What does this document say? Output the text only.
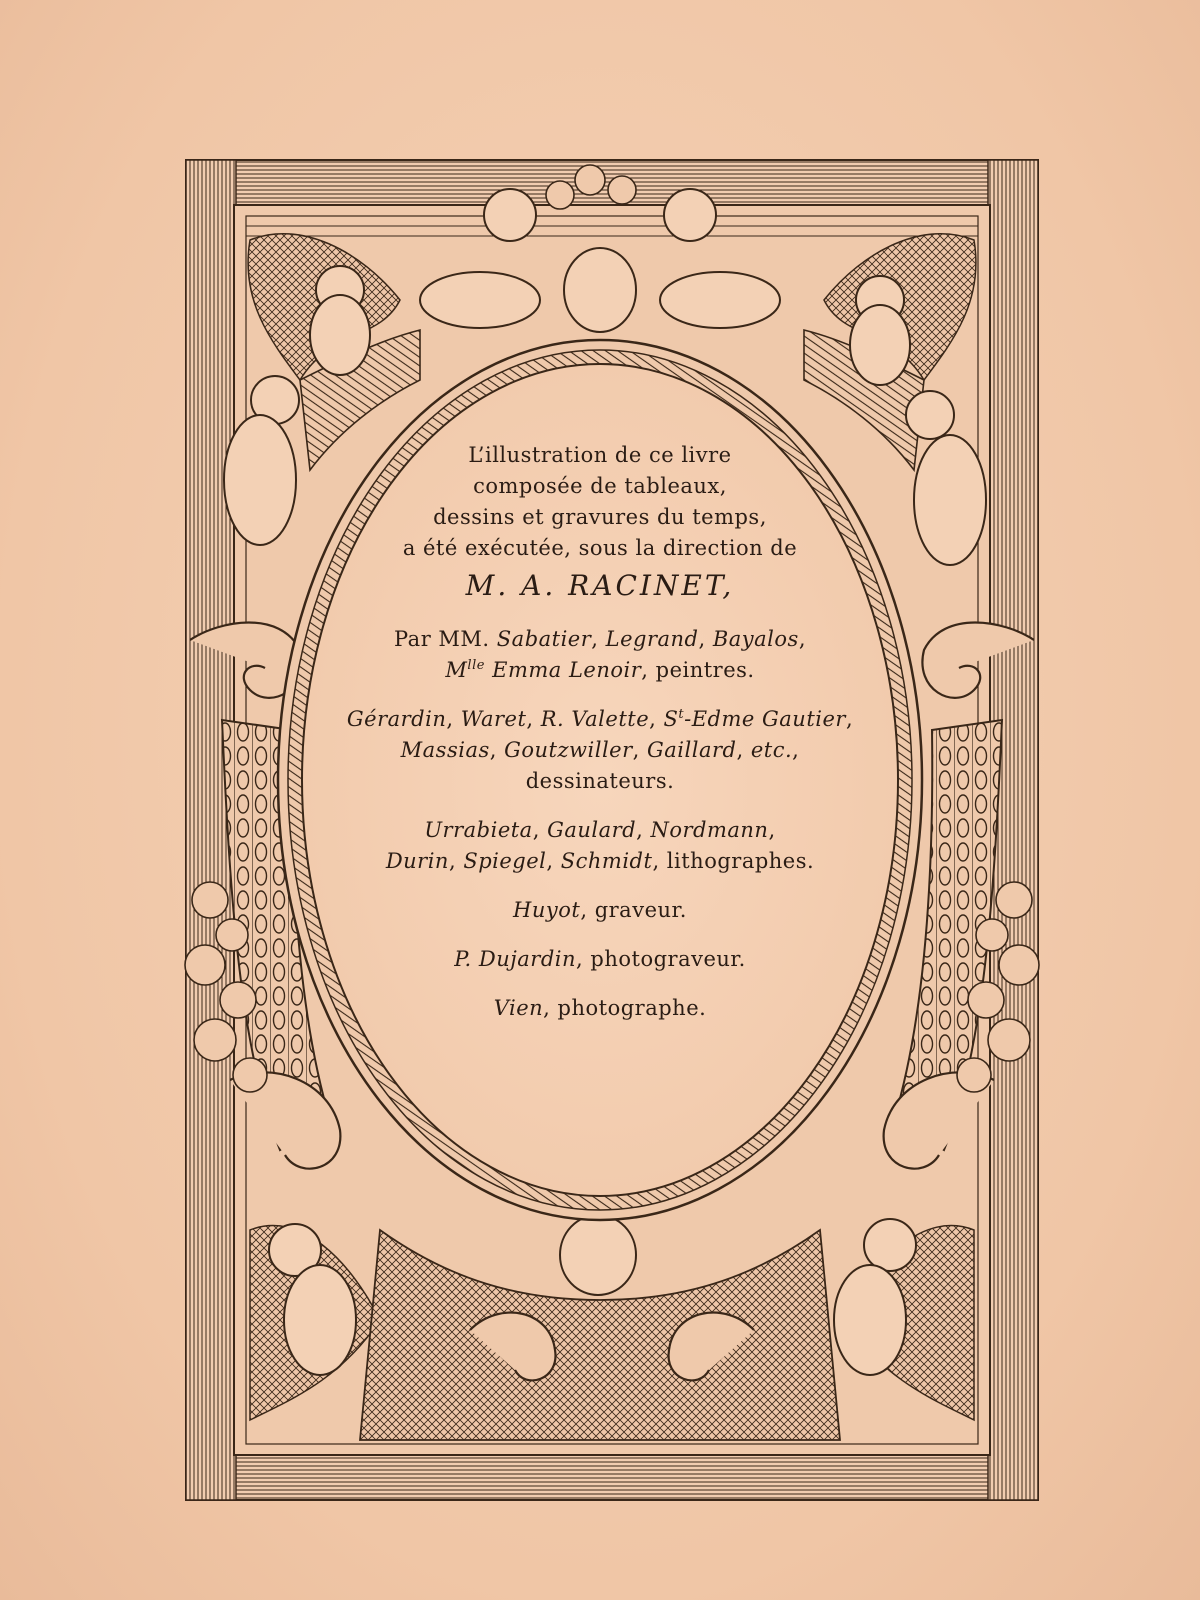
L’illustration de ce livre
composée de tableaux,
dessins et gravures du temps,
a été exécutée, sous la direction de
M. A. RACINET,
Par MM. Sabatier, Legrand, Bayalos,
$M^{lle}$ Emma Lenoir, peintres.
Gérardin, Waret, R. Valette, $S^t$-Edme Gautier,
Massias, Goutzwiller, Gaillard, etc.,
dessinateurs.
Urrabieta, Gaulard, Nordmann,
Durin, Spiegel, Schmidt, lithographes.
Huyot, graveur.
P. Dujardin, photograveur.
Vien, photographe.
